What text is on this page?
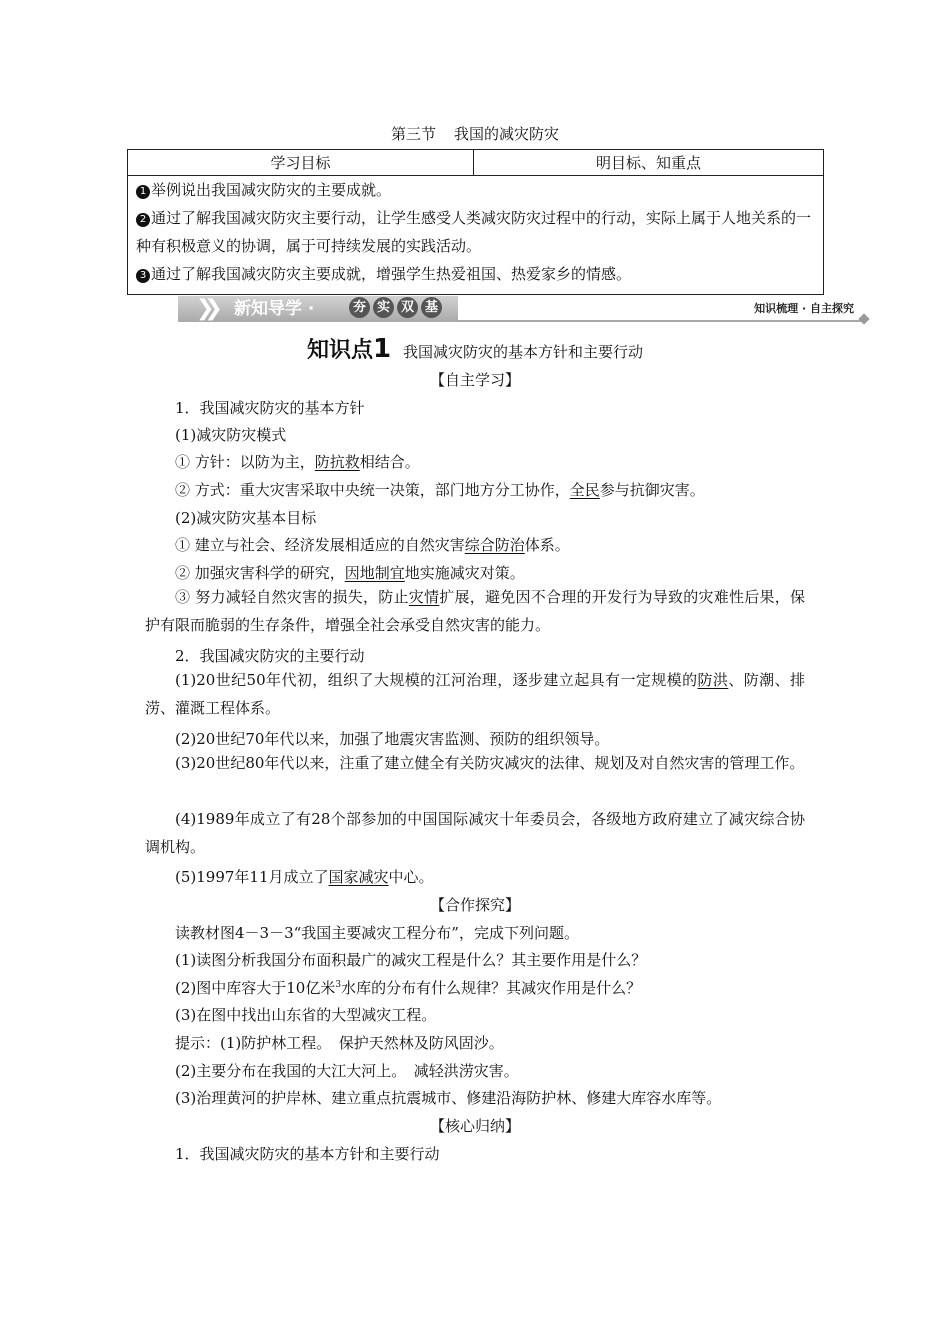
第三节 我国的减灾防灾
学习目标	明目标、知重点

1 举例说出我国减灾防灾的主要成就。
2 通过了解我国减灾防灾主要行动，让学生感受人类减灾防灾过程中的行动，实际上属于人地关系的一种有积极意义的协调，属于可持续发展的实践活动。
3 通过了解我国减灾防灾主要成就，增强学生热爱祖国、热爱家乡的情感。
❯❯ 新知导学 ·	夯 实 双 基	知识梳理 · 自主探究
知识点1 我国减灾防灾的基本方针和主要行动
【自主学习】
1．我国减灾防灾的基本方针
(1)减灾防灾模式
① 方针：以防为主，防抗救相结合。
② 方式：重大灾害采取中央统一决策，部门地方分工协作，全民参与抗御灾害。
(2)减灾防灾基本目标
① 建立与社会、经济发展相适应的自然灾害综合防治体系。
② 加强灾害科学的研究，因地制宜地实施减灾对策。
③ 努力减轻自然灾害的损失，防止灾情扩展，避免因不合理的开发行为导致的灾难性后果，保护有限而脆弱的生存条件，增强全社会承受自然灾害的能力。
2．我国减灾防灾的主要行动
(1)20世纪50年代初，组织了大规模的江河治理，逐步建立起具有一定规模的防洪、防潮、排涝、灌溉工程体系。
(2)20世纪70年代以来，加强了地震灾害监测、预防的组织领导。
(3)20世纪80年代以来，注重了建立健全有关防灾减灾的法律、规划及对自然灾害的管理工作。
(4)1989年成立了有28个部参加的中国国际减灾十年委员会，各级地方政府建立了减灾综合协调机构。
(5)1997年11月成立了国家减灾中心。
【合作探究】
读教材图4－3－3“我国主要减灾工程分布”，完成下列问题。
(1)读图分析我国分布面积最广的减灾工程是什么？其主要作用是什么？
(2)图中库容大于10亿米$^3$水库的分布有什么规律？其减灾作用是什么？
(3)在图中找出山东省的大型减灾工程。
提示：(1)防护林工程。　保护天然林及防风固沙。
(2)主要分布在我国的大江大河上。　减轻洪涝灾害。
(3)治理黄河的护岸林、建立重点抗震城市、修建沿海防护林、修建大库容水库等。
【核心归纳】
1．我国减灾防灾的基本方针和主要行动
